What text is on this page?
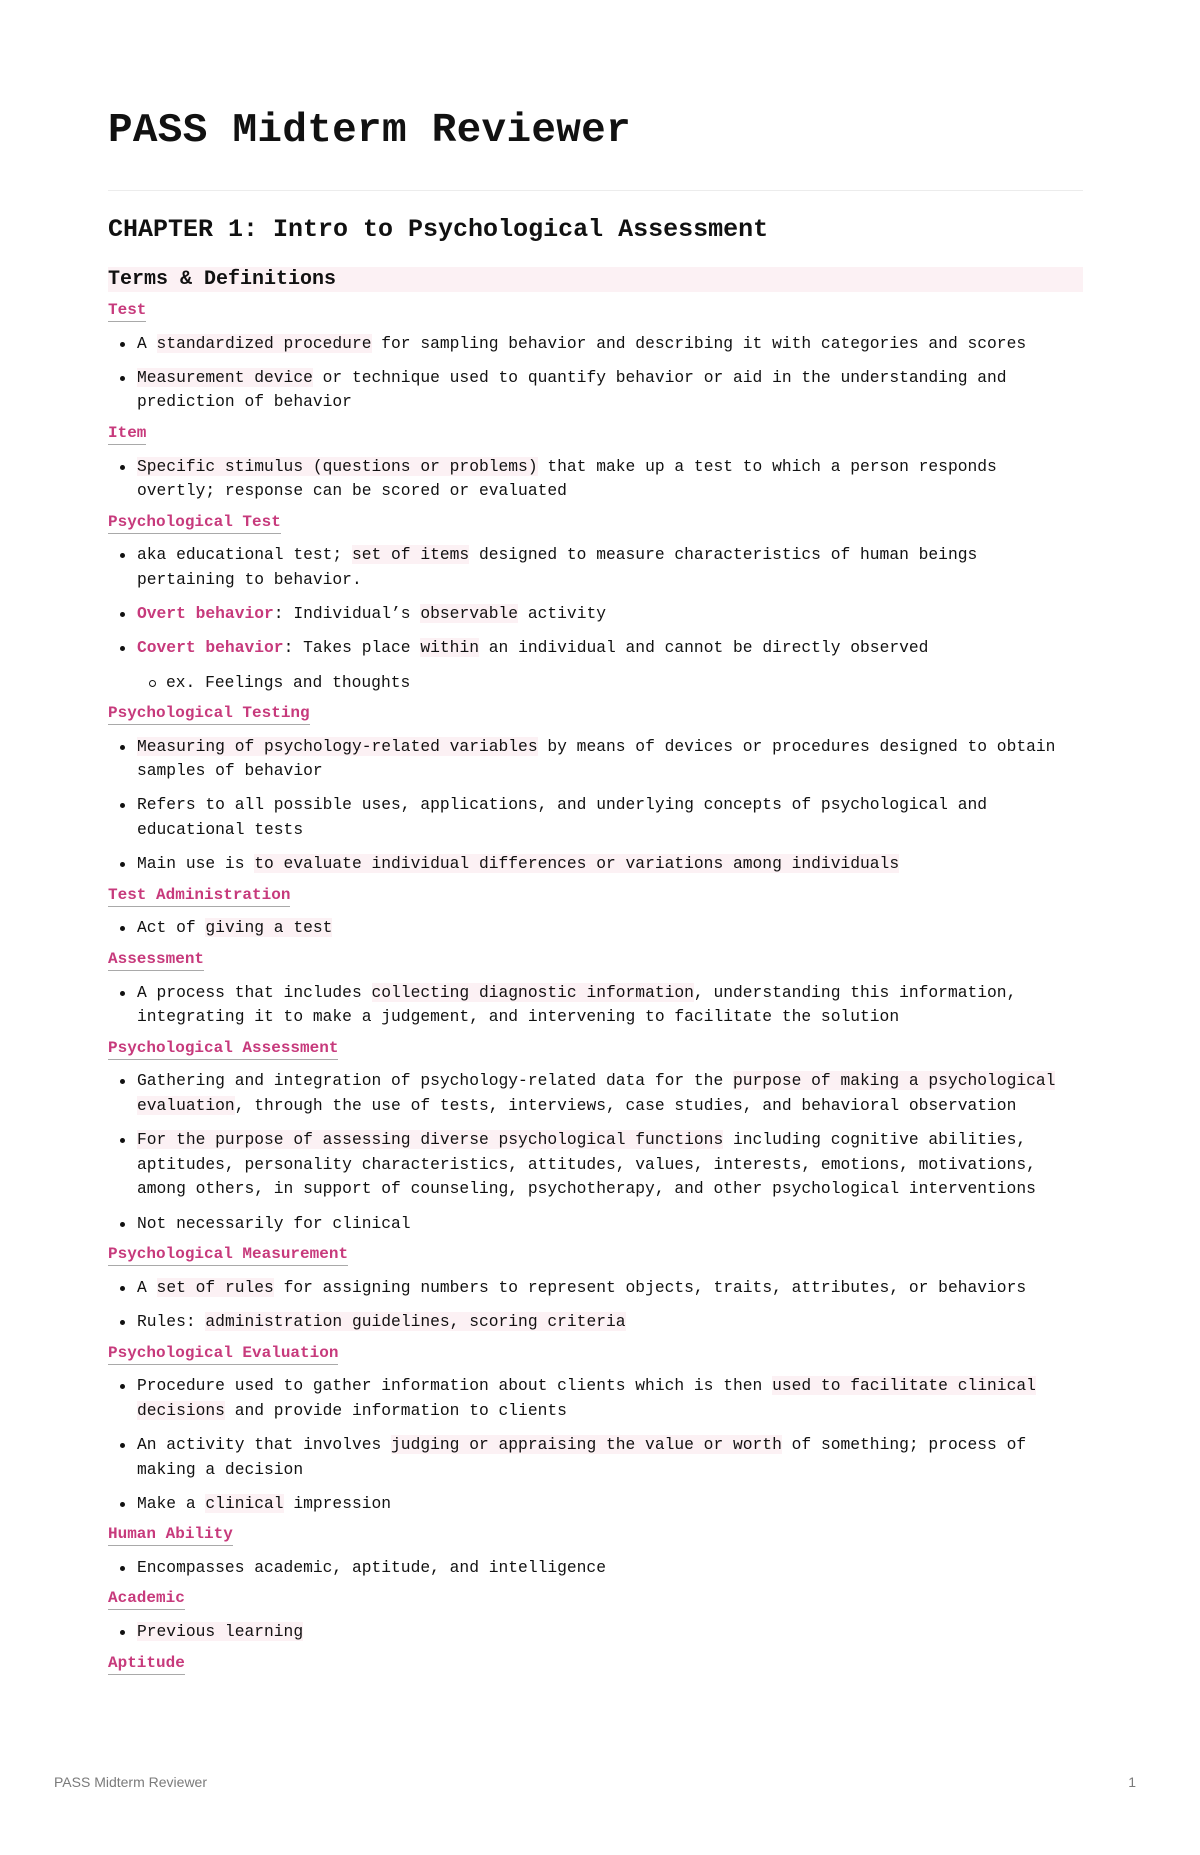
PASS Midterm Reviewer
CHAPTER 1: Intro to Psychological Assessment
Terms & Definitions
Test
A standardized procedure for sampling behavior and describing it with categories and scores
Measurement device or technique used to quantify behavior or aid in the understanding and prediction of behavior
Item
Specific stimulus (questions or problems) that make up a test to which a person responds overtly; response can be scored or evaluated
Psychological Test
aka educational test; set of items designed to measure characteristics of human beings pertaining to behavior.
Overt behavior: Individual’s observable activity
Covert behavior: Takes place within an individual and cannot be directly observed
ex. Feelings and thoughts
Psychological Testing
Measuring of psychology-related variables by means of devices or procedures designed to obtain samples of behavior
Refers to all possible uses, applications, and underlying concepts of psychological and educational tests
Main use is to evaluate individual differences or variations among individuals
Test Administration
Act of giving a test
Assessment
A process that includes collecting diagnostic information, understanding this information, integrating it to make a judgement, and intervening to facilitate the solution
Psychological Assessment
Gathering and integration of psychology-related data for the purpose of making a psychological evaluation, through the use of tests, interviews, case studies, and behavioral observation
For the purpose of assessing diverse psychological functions including cognitive abilities, aptitudes, personality characteristics, attitudes, values, interests, emotions, motivations, among others, in support of counseling, psychotherapy, and other psychological interventions
Not necessarily for clinical
Psychological Measurement
A set of rules for assigning numbers to represent objects, traits, attributes, or behaviors
Rules: administration guidelines, scoring criteria
Psychological Evaluation
Procedure used to gather information about clients which is then used to facilitate clinical decisions and provide information to clients
An activity that involves judging or appraising the value or worth of something; process of making a decision
Make a clinical impression
Human Ability
Encompasses academic, aptitude, and intelligence
Academic
Previous learning
Aptitude
PASS Midterm Reviewer	1
